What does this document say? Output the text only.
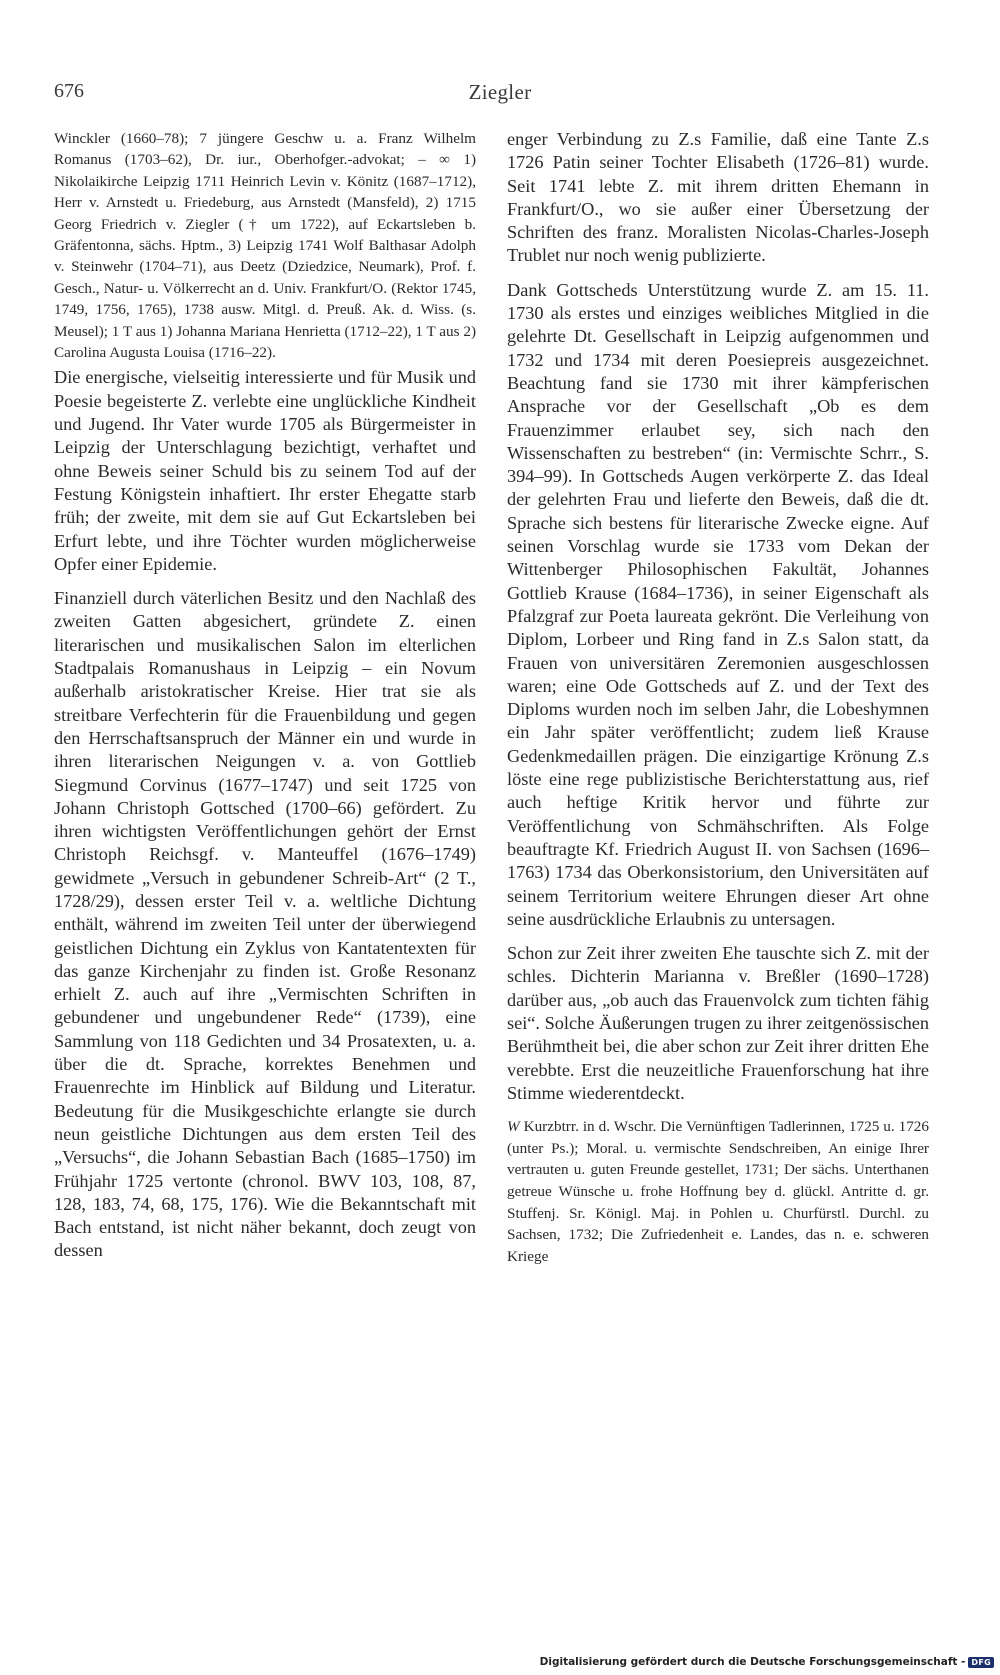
676	Ziegler

Winckler (1660–78); 7 jüngere Geschw u. a. Franz Wilhelm Romanus (1703–62), Dr. iur., Oberhofger.-advokat; – ∞ 1) Nikolaikirche Leipzig 1711 Heinrich Levin v. Könitz (1687–1712), Herr v. Arnstedt u. Friedeburg, aus Arnstedt (Mansfeld), 2) 1715 Georg Friedrich v. Ziegler († um 1722), auf Eckartsleben b. Gräfentonna, sächs. Hptm., 3) Leipzig 1741 Wolf Balthasar Adolph v. Steinwehr (1704–71), aus Deetz (Dziedzice, Neumark), Prof. f. Gesch., Natur- u. Völkerrecht an d. Univ. Frankfurt/O. (Rektor 1745, 1749, 1756, 1765), 1738 ausw. Mitgl. d. Preuß. Ak. d. Wiss. (s. Meusel); 1 T aus 1) Johanna Mariana Henrietta (1712–22), 1 T aus 2) Carolina Augusta Louisa (1716–22).

Die energische, vielseitig interessierte und für Musik und Poesie begeisterte Z. verlebte eine unglückliche Kindheit und Jugend. Ihr Vater wurde 1705 als Bürgermeister in Leipzig der Unterschlagung bezichtigt, verhaftet und ohne Beweis seiner Schuld bis zu seinem Tod auf der Festung Königstein inhaftiert. Ihr erster Ehegatte starb früh; der zweite, mit dem sie auf Gut Eckartsleben bei Erfurt lebte, und ihre Töchter wurden möglicherweise Opfer einer Epidemie.

Finanziell durch väterlichen Besitz und den Nachlaß des zweiten Gatten abgesichert, gründete Z. einen literarischen und musikalischen Salon im elterlichen Stadtpalais Romanushaus in Leipzig – ein Novum außerhalb aristokratischer Kreise. Hier trat sie als streitbare Verfechterin für die Frauenbildung und gegen den Herrschaftsanspruch der Männer ein und wurde in ihren literarischen Neigungen v. a. von Gottlieb Siegmund Corvinus (1677–1747) und seit 1725 von Johann Christoph Gottsched (1700–66) gefördert. Zu ihren wichtigsten Veröffentlichungen gehört der Ernst Christoph Reichsgf. v. Manteuffel (1676–1749) gewidmete „Versuch in gebundener Schreib-Art“ (2 T., 1728/29), dessen erster Teil v. a. weltliche Dichtung enthält, während im zweiten Teil unter der überwiegend geistlichen Dichtung ein Zyklus von Kantatentexten für das ganze Kirchenjahr zu finden ist. Große Resonanz erhielt Z. auch auf ihre „Vermischten Schriften in gebundener und ungebundener Rede“ (1739), eine Sammlung von 118 Gedichten und 34 Prosatexten, u. a. über die dt. Sprache, korrektes Benehmen und Frauenrechte im Hinblick auf Bildung und Literatur. Bedeutung für die Musikgeschichte erlangte sie durch neun geistliche Dichtungen aus dem ersten Teil des „Versuchs“, die Johann Sebastian Bach (1685–1750) im Frühjahr 1725 vertonte (chronol. BWV 103, 108, 87, 128, 183, 74, 68, 175, 176). Wie die Bekanntschaft mit Bach entstand, ist nicht näher bekannt, doch zeugt von dessen

enger Verbindung zu Z.s Familie, daß eine Tante Z.s 1726 Patin seiner Tochter Elisabeth (1726–81) wurde. Seit 1741 lebte Z. mit ihrem dritten Ehemann in Frankfurt/O., wo sie außer einer Übersetzung der Schriften des franz. Moralisten Nicolas-Charles-Joseph Trublet nur noch wenig publizierte.

Dank Gottscheds Unterstützung wurde Z. am 15. 11. 1730 als erstes und einziges weibliches Mitglied in die gelehrte Dt. Gesellschaft in Leipzig aufgenommen und 1732 und 1734 mit deren Poesiepreis ausgezeichnet. Beachtung fand sie 1730 mit ihrer kämpferischen Ansprache vor der Gesellschaft „Ob es dem Frauenzimmer erlaubet sey, sich nach den Wissenschaften zu bestreben“ (in: Vermischte Schrr., S. 394–99). In Gottscheds Augen verkörperte Z. das Ideal der gelehrten Frau und lieferte den Beweis, daß die dt. Sprache sich bestens für literarische Zwecke eigne. Auf seinen Vorschlag wurde sie 1733 vom Dekan der Wittenberger Philosophischen Fakultät, Johannes Gottlieb Krause (1684–1736), in seiner Eigenschaft als Pfalzgraf zur Poeta laureata gekrönt. Die Verleihung von Diplom, Lorbeer und Ring fand in Z.s Salon statt, da Frauen von universitären Zeremonien ausgeschlossen waren; eine Ode Gottscheds auf Z. und der Text des Diploms wurden noch im selben Jahr, die Lobeshymnen ein Jahr später veröffentlicht; zudem ließ Krause Gedenkmedaillen prägen. Die einzigartige Krönung Z.s löste eine rege publizistische Berichterstattung aus, rief auch heftige Kritik hervor und führte zur Veröffentlichung von Schmähschriften. Als Folge beauftragte Kf. Friedrich August II. von Sachsen (1696–1763) 1734 das Oberkonsistorium, den Universitäten auf seinem Territorium weitere Ehrungen dieser Art ohne seine ausdrückliche Erlaubnis zu untersagen.

Schon zur Zeit ihrer zweiten Ehe tauschte sich Z. mit der schles. Dichterin Marianna v. Breßler (1690–1728) darüber aus, „ob auch das Frauenvolck zum tichten fähig sei“. Solche Äußerungen trugen zu ihrer zeitgenössischen Berühmtheit bei, die aber schon zur Zeit ihrer dritten Ehe verebbte. Erst die neuzeitliche Frauenforschung hat ihre Stimme wiederentdeckt.

W Kurzbtrr. in d. Wschr. Die Vernünftigen Tadlerinnen, 1725 u. 1726 (unter Ps.); Moral. u. vermischte Sendschreiben, An einige Ihrer vertrauten u. guten Freunde gestellet, 1731; Der sächs. Unterthanen getreue Wünsche u. frohe Hoffnung bey d. glückl. Antritte d. gr. Stuffenj. Sr. Königl. Maj. in Pohlen u. Churfürstl. Durchl. zu Sachsen, 1732; Die Zufriedenheit e. Landes, das n. e. schweren Kriege

Digitalisierung gefördert durch die Deutsche Forschungsgemeinschaft - DFG
